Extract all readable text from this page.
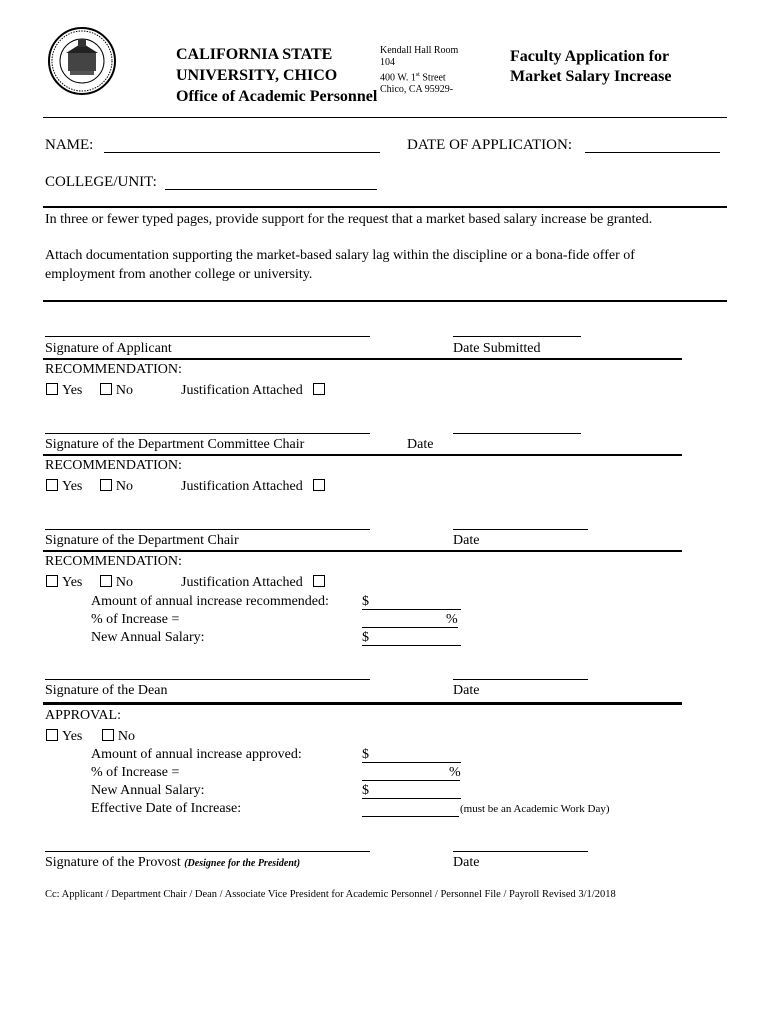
CALIFORNIA STATE
UNIVERSITY, CHICO
Office of Academic Personnel
Kendall Hall Room
104
400 W. 1st Street
Chico, CA 95929-
Faculty Application for
Market Salary Increase
NAME:	DATE OF APPLICATION:
COLLEGE/UNIT:
In three or fewer typed pages, provide support for the request that a market based salary increase be granted.
Attach documentation supporting the market-based salary lag within the discipline or a bona-fide offer of
employment from another college or university.
Signature of Applicant	Date Submitted
RECOMMENDATION:
Yes No	Justification Attached
Signature of the Department Committee Chair	Date
RECOMMENDATION:
Yes No	Justification Attached
Signature of the Department Chair	Date
RECOMMENDATION:
Yes No	Justification Attached
Amount of annual increase recommended: $
% of Increase =	%
New Annual Salary:	$
Signature of the Dean	Date
APPROVAL:
Yes	No
Amount of annual increase approved:	$
% of Increase =	%
New Annual Salary:	$
Effective Date of Increase:	(must be an Academic Work Day)
Signature of the Provost (Designee for the President)	Date
Cc: Applicant / Department Chair / Dean / Associate Vice President for Academic Personnel / Personnel File / Payroll Revised 3/1/2018
